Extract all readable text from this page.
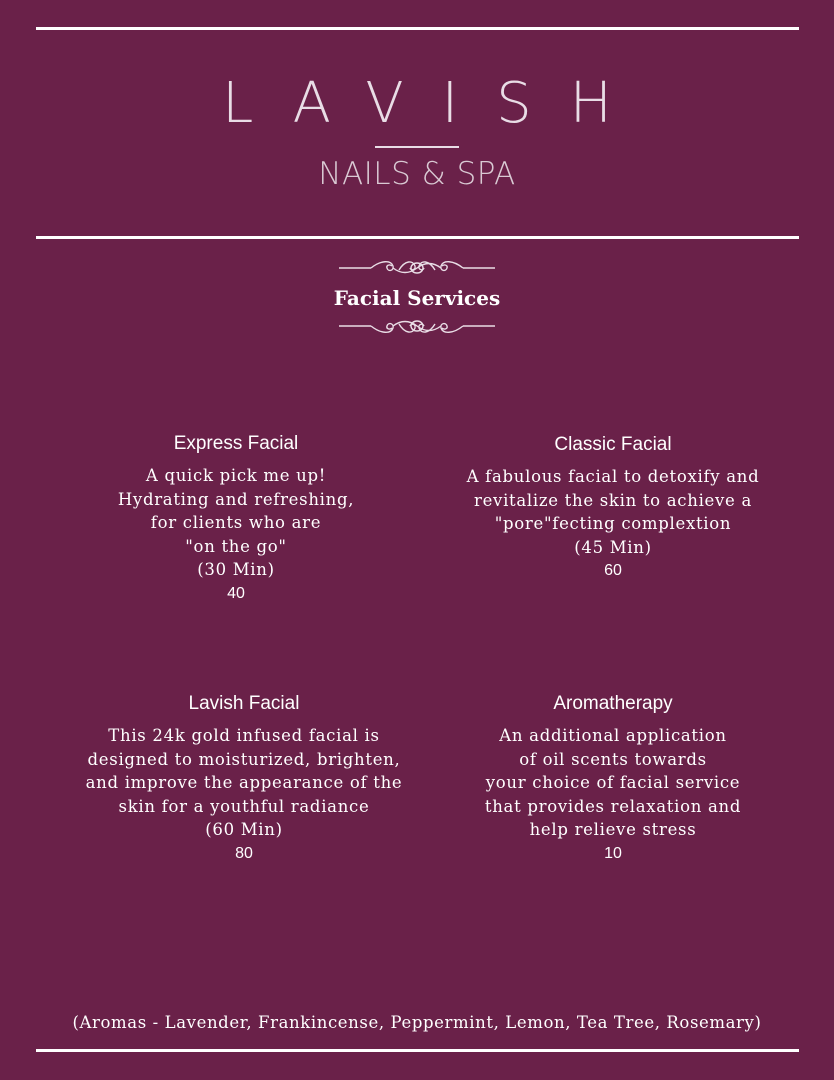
LAVISH
NAILS & SPA
Facial Services
Express Facial
A quick pick me up!
Hydrating and refreshing,
for clients who are
"on the go"
(30 Min)
40
Classic Facial
A fabulous facial to detoxify and
revitalize the skin to achieve a
"pore"fecting complextion
(45 Min)
60
Lavish Facial
This 24k gold infused facial is
designed to moisturized, brighten,
and improve the appearance of the
skin for a youthful radiance
(60 Min)
80
Aromatherapy
An additional application
of oil scents towards
your choice of facial service
that provides relaxation and
help relieve stress
10
(Aromas - Lavender, Frankincense, Peppermint, Lemon, Tea Tree, Rosemary)
